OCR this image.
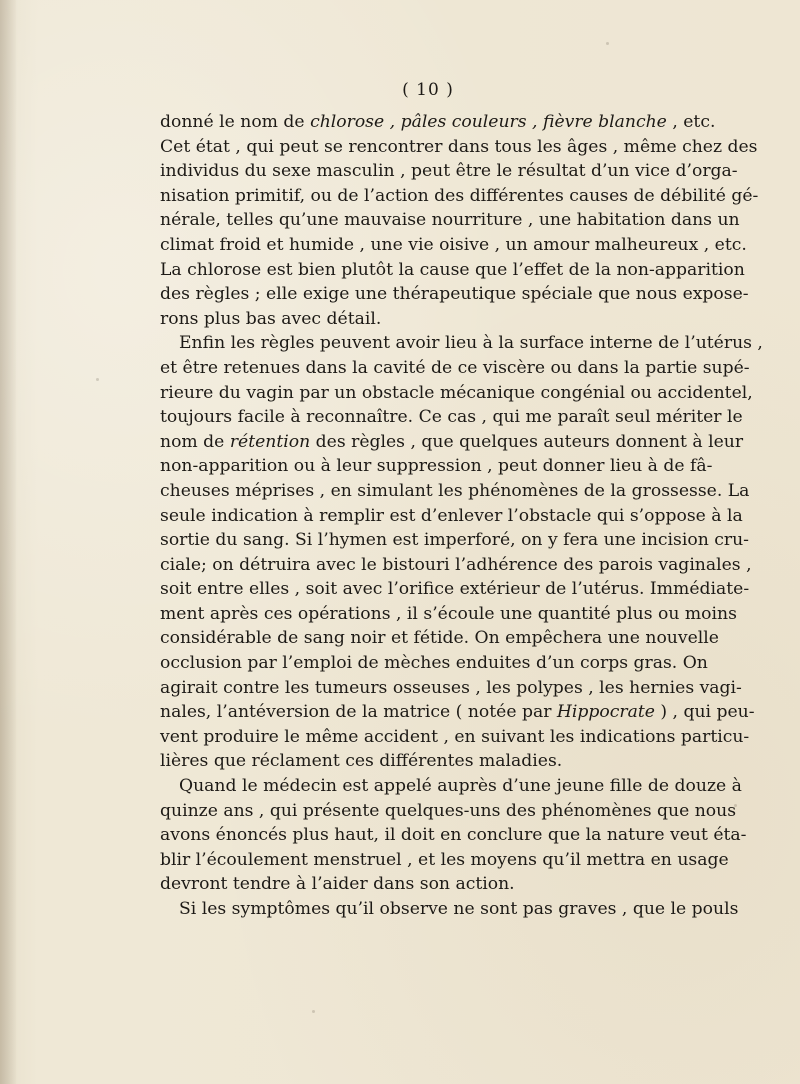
( 10 )
donné le nom de chlorose , pâles couleurs , fièvre blanche , etc.
Cet état , qui peut se rencontrer dans tous les âges , même chez des
individus du sexe masculin , peut être le résultat d’un vice d’orga-
nisation primitif, ou de l’action des différentes causes de débilité gé-
nérale, telles qu’une mauvaise nourriture , une habitation dans un
climat froid et humide , une vie oisive , un amour malheureux , etc.
La chlorose est bien plutôt la cause que l’effet de la non-apparition
des règles ; elle exige une thérapeutique spéciale que nous expose-
rons plus bas avec détail.
Enfin les règles peuvent avoir lieu à la surface interne de l’utérus ,
et être retenues dans la cavité de ce viscère ou dans la partie supé-
rieure du vagin par un obstacle mécanique congénial ou accidentel,
toujours facile à reconnaître. Ce cas , qui me paraît seul mériter le
nom de rétention des règles , que quelques auteurs donnent à leur
non-apparition ou à leur suppression , peut donner lieu à de fâ-
cheuses méprises , en simulant les phénomènes de la grossesse. La
seule indication à remplir est d’enlever l’obstacle qui s’oppose à la
sortie du sang. Si l’hymen est imperforé, on y fera une incision cru-
ciale; on détruira avec le bistouri l’adhérence des parois vaginales ,
soit entre elles , soit avec l’orifice extérieur de l’utérus. Immédiate-
ment après ces opérations , il s’écoule une quantité plus ou moins
considérable de sang noir et fétide. On empêchera une nouvelle
occlusion par l’emploi de mèches enduites d’un corps gras. On
agirait contre les tumeurs osseuses , les polypes , les hernies vagi-
nales, l’antéversion de la matrice ( notée par Hippocrate ) , qui peu-
vent produire le même accident , en suivant les indications particu-
lières que réclament ces différentes maladies.
Quand le médecin est appelé auprès d’une jeune fille de douze à
quinze ans , qui présente quelques-uns des phénomènes que nous
avons énoncés plus haut, il doit en conclure que la nature veut éta-
blir l’écoulement menstruel , et les moyens qu’il mettra en usage
devront tendre à l’aider dans son action.
Si les symptômes qu’il observe ne sont pas graves , que le pouls
